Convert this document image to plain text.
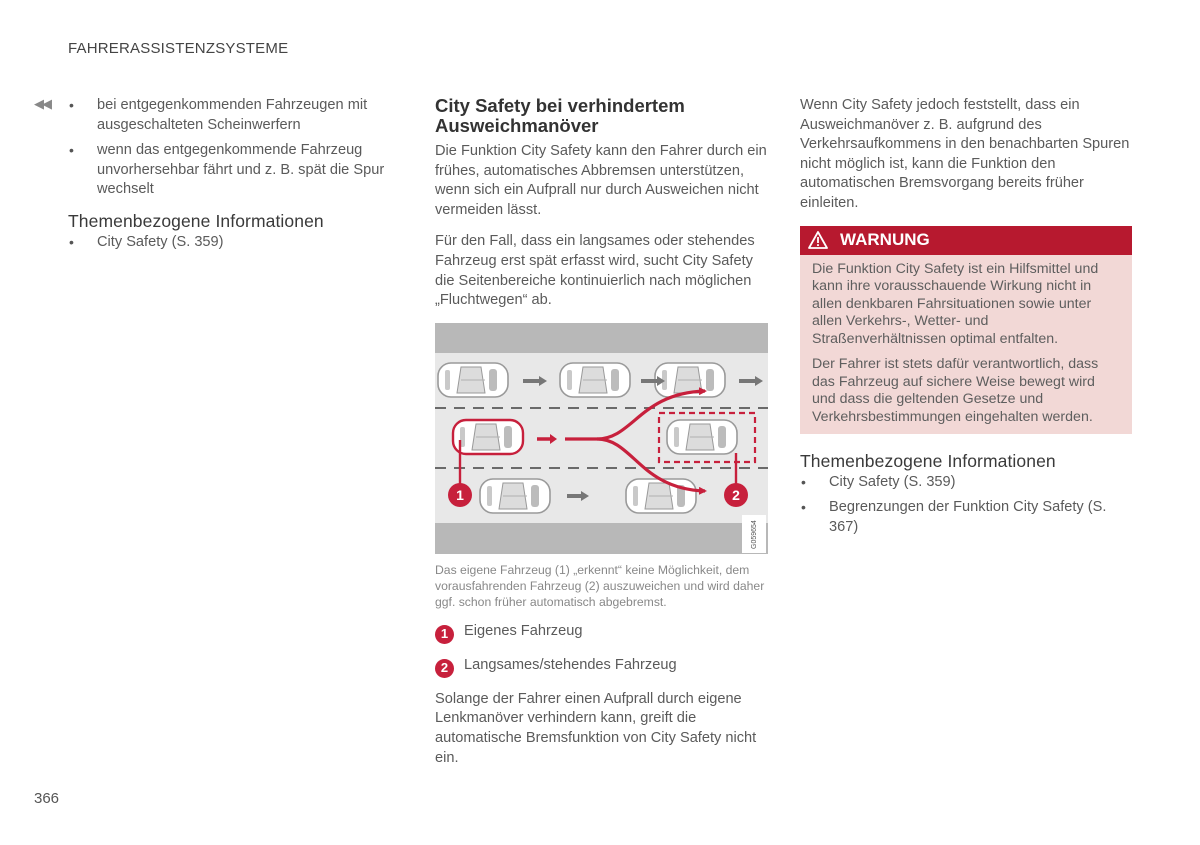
FAHRERASSISTENZSYSTEME
◀◀
•	bei entgegenkommenden Fahrzeugen mit ausgeschalteten Scheinwerfern
• wenn das entgegenkommende Fahrzeug unvorhersehbar fährt und z. B. spät die Spur wechselt
Themenbezogene Informationen
• City Safety (S. 359)
City Safety bei verhindertem
Ausweichmanöver

Die Funktion City Safety kann den Fahrer durch ein frühes, automatisches Abbremsen unterstützen, wenn sich ein Aufprall nur durch Ausweichen nicht vermeiden lässt.

Für den Fall, dass ein langsames oder stehendes Fahrzeug erst spät erfasst wird, sucht City Safety die Seitenbereiche kontinuierlich nach möglichen „Fluchtwegen“ ab.

1	2
G059654
Das eigene Fahrzeug (1) „erkennt“ keine Möglichkeit, dem vorausfahrenden Fahrzeug (2) auszuweichen und wird daher ggf. schon früher automatisch abgebremst.
1	Eigenes Fahrzeug
2	Langsames/stehendes Fahrzeug

Solange der Fahrer einen Aufprall durch eigene Lenkmanöver verhindern kann, greift die automatische Bremsfunktion von City Safety nicht ein.

Wenn City Safety jedoch feststellt, dass ein Ausweichmanöver z. B. aufgrund des Verkehrsaufkommens in den benachbarten Spuren nicht möglich ist, kann die Funktion den automatischen Bremsvorgang bereits früher einleiten.

WARNUNG

Die Funktion City Safety ist ein Hilfsmittel und kann ihre vorausschauende Wirkung nicht in allen denkbaren Fahrsituationen sowie unter allen Verkehrs-, Wetter- und Straßenverhältnissen optimal entfalten.

Der Fahrer ist stets dafür verantwortlich, dass das Fahrzeug auf sichere Weise bewegt wird und dass die geltenden Gesetze und Verkehrsbestimmungen eingehalten werden.

Themenbezogene Informationen
• City Safety (S. 359)
• Begrenzungen der Funktion City Safety (S. 367)
366
